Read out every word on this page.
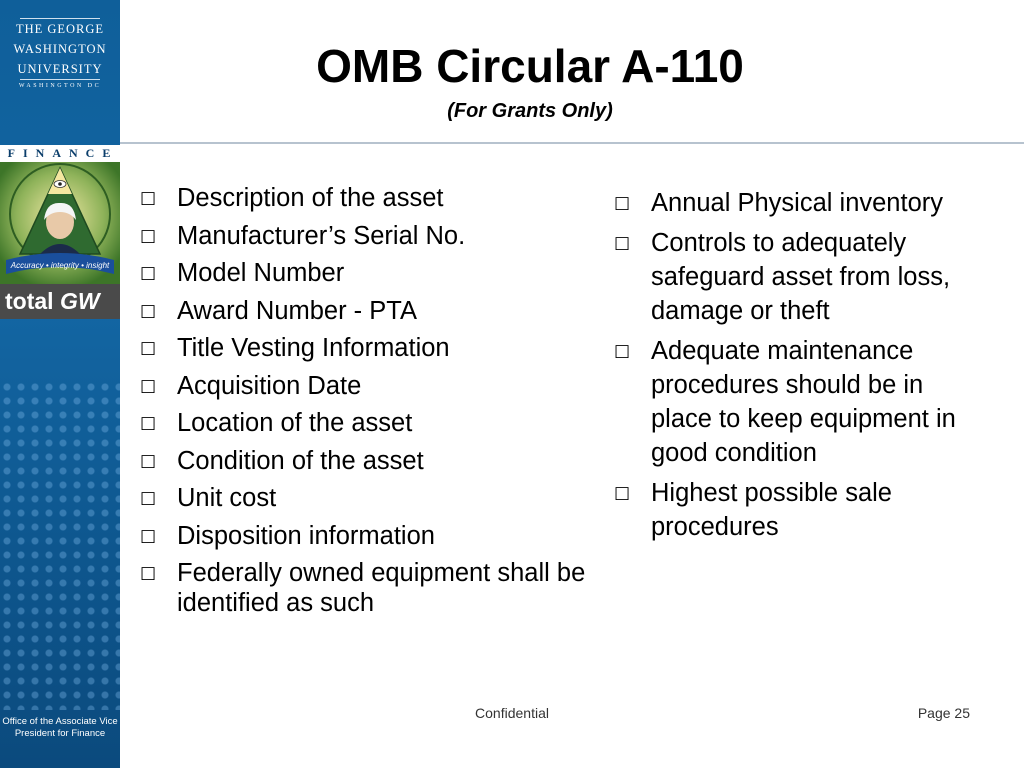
THE GEORGE
WASHINGTON
UNIVERSITY
WASHINGTON DC
FINANCE
Accuracy • integrity • insight
total GW
Office of the Associate Vice President for Finance
OMB Circular A-110
(For Grants Only)
□ Description of the asset
□ Manufacturer’s Serial No.
□ Model Number
□ Award Number - PTA
□ Title Vesting Information
□ Acquisition Date
□ Location of the asset
□ Condition of the asset
□ Unit cost
□ Disposition information
□ Federally owned equipment shall be identified as such
□ Annual Physical inventory
□ Controls to adequately safeguard asset from loss, damage or theft
□ Adequate maintenance procedures should be in place to keep equipment in good condition
□ Highest possible sale procedures
Confidential	Page 25
